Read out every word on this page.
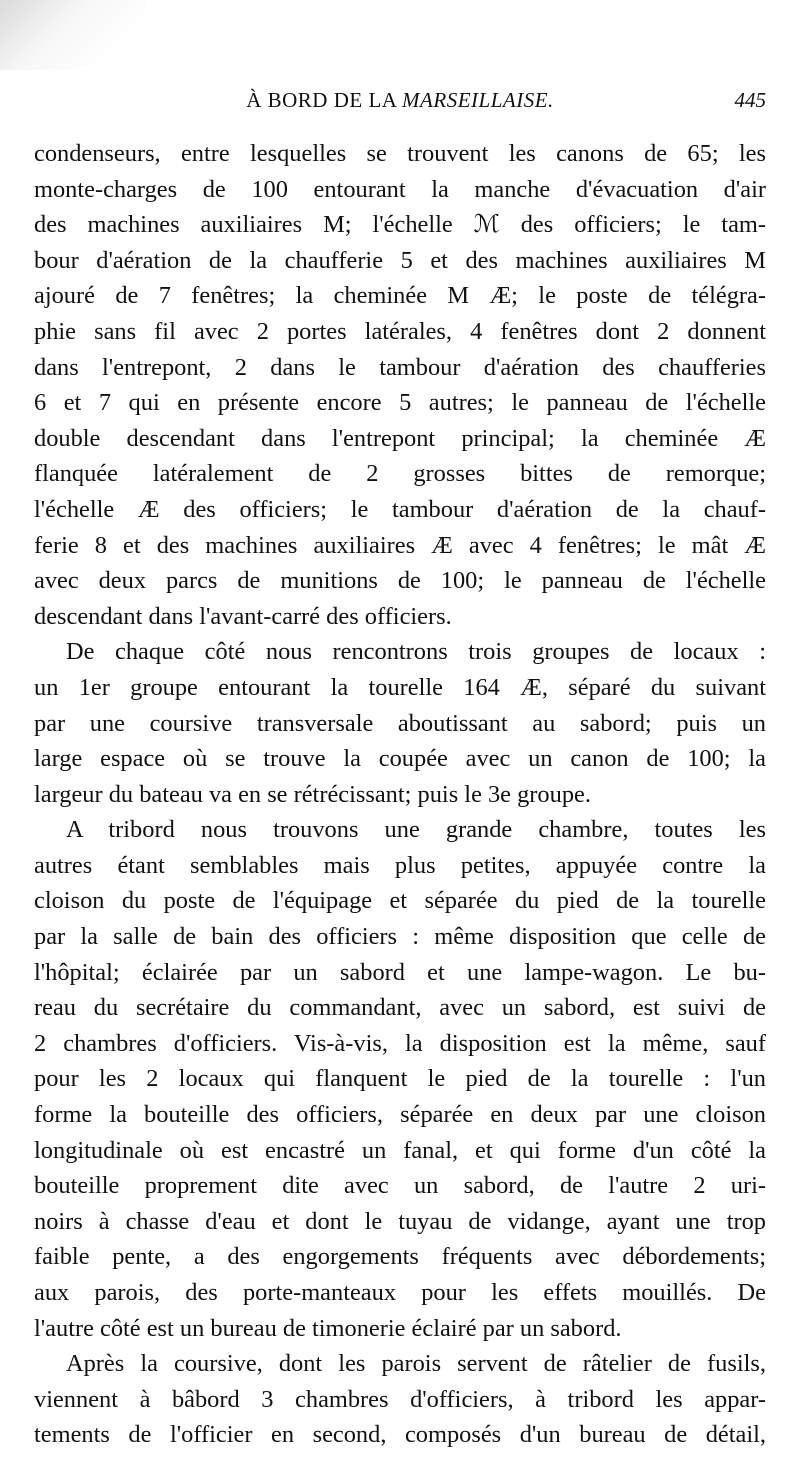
À BORD DE LA MARSEILLAISE.	445
condenseurs, entre lesquelles se trouvent les canons de 65; les
monte-charges de 100 entourant la manche d'évacuation d'air
des machines auxiliaires M; l'échelle ℳ des officiers; le tam-
bour d'aération de la chaufferie 5 et des machines auxiliaires M
ajouré de 7 fenêtres; la cheminée M Æ; le poste de télégra-
phie sans fil avec 2 portes latérales, 4 fenêtres dont 2 donnent
dans l'entrepont, 2 dans le tambour d'aération des chaufferies
6 et 7 qui en présente encore 5 autres; le panneau de l'échelle
double descendant dans l'entrepont principal; la cheminée Æ
flanquée latéralement de 2 grosses bittes de remorque;
l'échelle Æ des officiers; le tambour d'aération de la chauf-
ferie 8 et des machines auxiliaires Æ avec 4 fenêtres; le mât Æ
avec deux parcs de munitions de 100; le panneau de l'échelle
descendant dans l'avant-carré des officiers.
De chaque côté nous rencontrons trois groupes de locaux :
un 1er groupe entourant la tourelle 164 Æ, séparé du suivant
par une coursive transversale aboutissant au sabord; puis un
large espace où se trouve la coupée avec un canon de 100; la
largeur du bateau va en se rétrécissant; puis le 3e groupe.
A tribord nous trouvons une grande chambre, toutes les
autres étant semblables mais plus petites, appuyée contre la
cloison du poste de l'équipage et séparée du pied de la tourelle
par la salle de bain des officiers : même disposition que celle de
l'hôpital; éclairée par un sabord et une lampe-wagon. Le bu-
reau du secrétaire du commandant, avec un sabord, est suivi de
2 chambres d'officiers. Vis-à-vis, la disposition est la même, sauf
pour les 2 locaux qui flanquent le pied de la tourelle : l'un
forme la bouteille des officiers, séparée en deux par une cloison
longitudinale où est encastré un fanal, et qui forme d'un côté la
bouteille proprement dite avec un sabord, de l'autre 2 uri-
noirs à chasse d'eau et dont le tuyau de vidange, ayant une trop
faible pente, a des engorgements fréquents avec débordements;
aux parois, des porte-manteaux pour les effets mouillés. De
l'autre côté est un bureau de timonerie éclairé par un sabord.
Après la coursive, dont les parois servent de râtelier de fusils,
viennent à bâbord 3 chambres d'officiers, à tribord les appar-
tements de l'officier en second, composés d'un bureau de détail,
